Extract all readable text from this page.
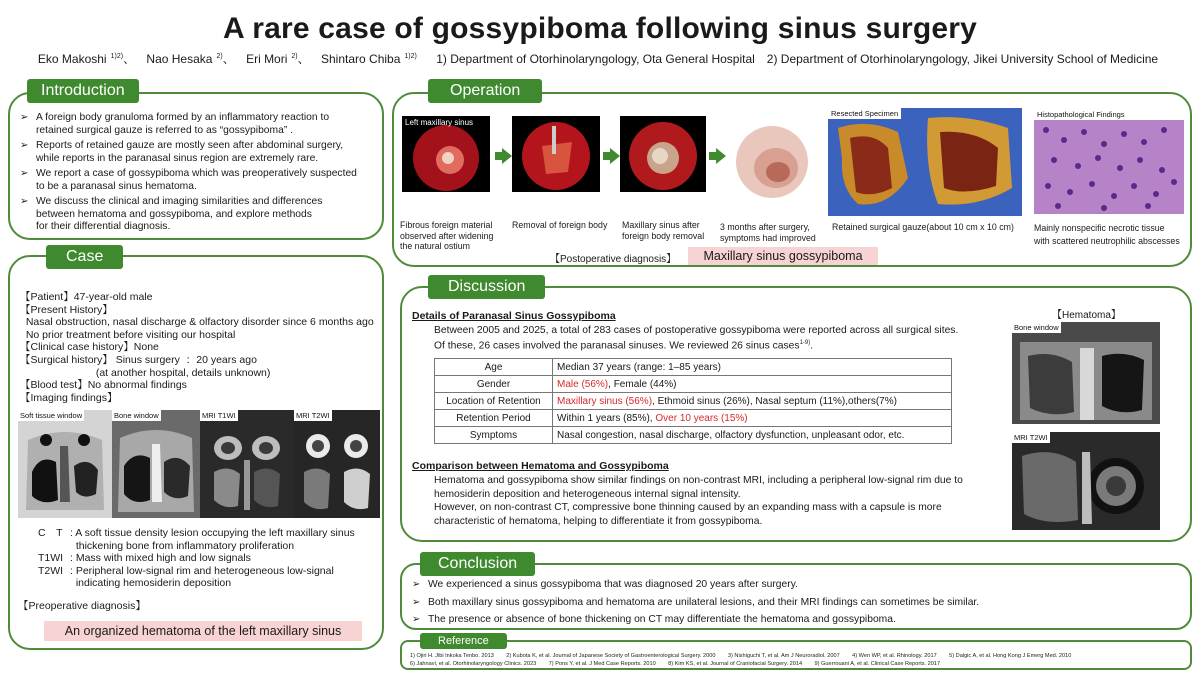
A rare case of gossypiboma following sinus surgery
Eko Makoshi $^{1)2)}$、 Nao Hesaka $^{2)}$、 Eri Mori $^{2)}$、 Shintaro Chiba $^{1)2)}$ 1) Department of Otorhinolaryngology, Ota General Hospital　2) Department of Otorhinolaryngology, Jikei University School of Medicine
➢ A foreign body granuloma formed by an inflammatory reaction to
retained surgical gauze is referred to as “gossypiboma” .
➢ Reports of retained gauze are mostly seen after abdominal surgery,
while reports in the paranasal sinus region are extremely rare.
➢ We report a case of gossypiboma which was preoperatively suspected
to be a paranasal sinus hematoma.
➢ We discuss the clinical and imaging similarities and differences
between hematoma and gossypiboma, and explore methods
for their differential diagnosis.
Introduction
【Patient】47-year-old male
【Present History】
Nasal obstruction, nasal discharge & olfactory disorder since 6 months ago
No prior treatment before visiting our hospital
【Clinical case history】None
【Surgical history】 Sinus surgery  ：20 years ago
(at another hospital, details unknown)
【Blood test】No abnormal findings
【Imaging findings】
Soft tissue window	Bone window	MRI T1WI	MRI T2WI
C　T : A soft tissue density lesion occupying the left maxillary sinus
thickening bone from inflammatory proliferation
T1WI : Mass with mixed high and low signals
T2WI : Peripheral low-signal rim and heterogeneous low-signal
indicating hemosiderin deposition
【Preoperative diagnosis】
An organized hematoma of the left maxillary sinus
Case
Left maxillary sinus
Resected Specimen	Histopathological Findings
Fibrous foreign material
observed after widening
the natural ostium
Removal of foreign body Maxillary sinus after
foreign body removal
3 months after surgery,
symptoms had improved
Retained surgical gauze(about 10 cm x 10 cm) Mainly nonspecific necrotic tissue
with scattered neutrophilic abscesses
【Postoperative diagnosis】	Maxillary sinus gossypiboma
Operation
Details of Paranasal Sinus Gossypiboma
Between 2005 and 2025, a total of 283 cases of postoperative gossypiboma were reported across all surgical sites.
Of these, 26 cases involved the paranasal sinuses. We reviewed 26 sinus cases$^{1-9)}$.
Age	Median 37 years (range: 1–85 years)
Gender	Male (56%), Female (44%)
Location of Retention	Maxillary sinus (56%), Ethmoid sinus (26%), Nasal septum (11%),others(7%)
Retention Period	Within 1 years (85%), Over 10 years (15%)
Symptoms	Nasal congestion, nasal discharge, olfactory dysfunction, unpleasant odor, etc.
Comparison between Hematoma and Gossypiboma
Hematoma and gossypiboma show similar findings on non-contrast MRI, including a peripheral low-signal rim due to
hemosiderin deposition and heterogeneous internal signal intensity.
However, on non-contrast CT, compressive bone thinning caused by an expanding mass with a capsule is more
characteristic of hematoma, helping to differentiate it from gossypiboma.
【Hematoma】
Bone window
MRI T2WI
Discussion
➢ We experienced a sinus gossypiboma that was diagnosed 20 years after surgery.
➢ Both maxillary sinus gossypiboma and hematoma are unilateral lesions, and their MRI findings can sometimes be similar.
➢ The presence or absence of bone thickening on CT may differentiate the hematoma and gossypiboma.
Conclusion
1) Ojiri H. Jibi Inkoka Tenbo. 2013        2) Kubota K, et al. Journal of Japanese Society of Gastroenterological Surgery. 2000        3) Nishiguchi T, et al. Am J Neuroradiol. 2007        4) Wen WP, et al. Rhinology. 2017        5) Dalgic A, et al. Hong Kong J Emerg Med. 2010
6) Jahnavi, et al. Otorhinolaryngology Clinics. 2023        7) Pons Y, et al. J Med Case Reports. 2010        8) Kim KS, et al. Journal of Craniofacial Surgery. 2014        9) Guerrouani A, et al. Clinical Case Reports. 2017
Reference
